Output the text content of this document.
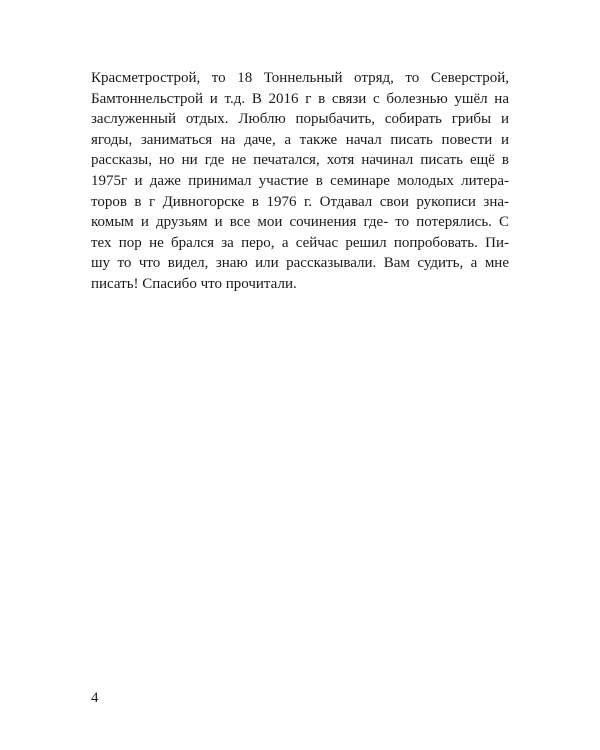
Красметрострой, то 18 Тоннельный отряд, то Северстрой,
Бамтоннельстрой и т.д. В 2016 г в связи с болезнью ушёл на
заслуженный отдых. Люблю порыбачить, собирать грибы и
ягоды, заниматься на даче, а также начал писать повести и
рассказы, но ни где не печатался, хотя начинал писать ещё в
1975г и даже принимал участие в семинаре молодых литера-
торов в г Дивногорске в 1976 г. Отдавал свои рукописи зна-
комым и друзьям и все мои сочинения где- то потерялись. С
тех пор не брался за перо, а сейчас решил попробовать. Пи-
шу то что видел, знаю или рассказывали. Вам судить, а мне
писать! Спасибо что прочитали.
4
